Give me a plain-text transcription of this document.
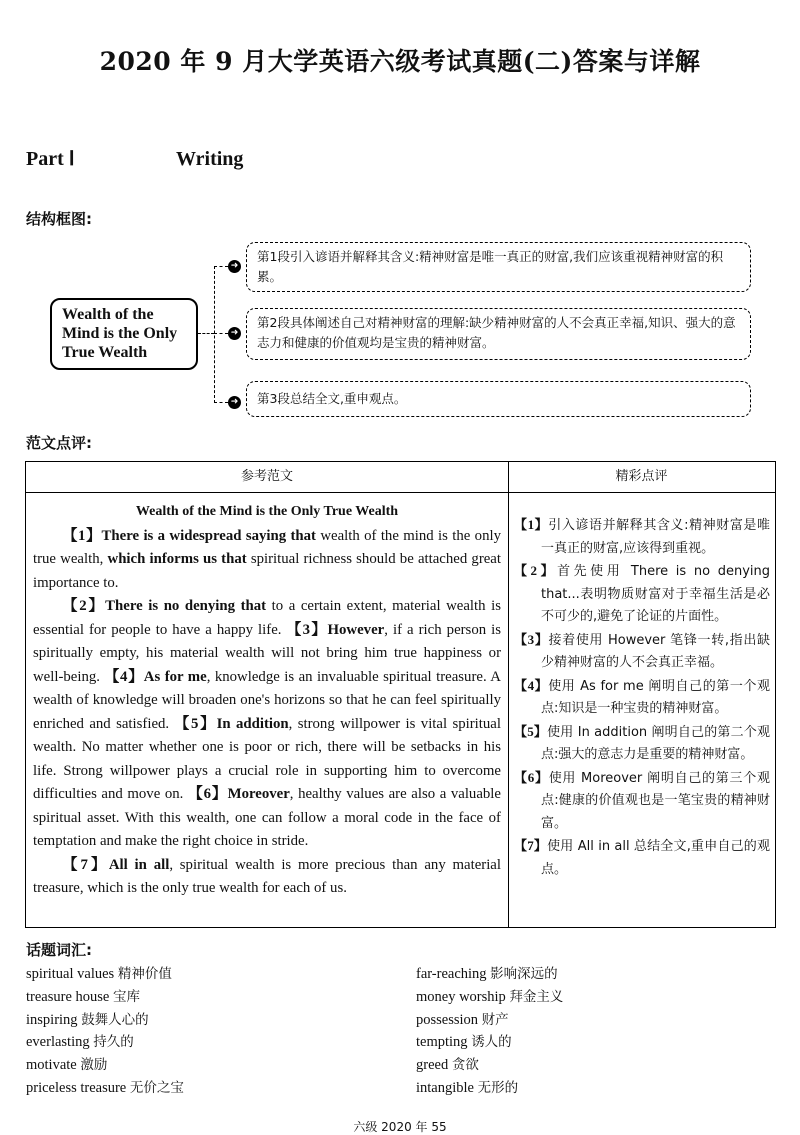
2020 年 9 月大学英语六级考试真题(二)答案与详解
Part Ⅰ	Writing
结构框图:
Wealth of the
Mind is the Only
True Wealth
➜
➜
➜
第1段引入谚语并解释其含义:精神财富是唯一真正的财富,我们应该重视精神财富的积累。
第2段具体阐述自己对精神财富的理解:缺少精神财富的人不会真正幸福,知识、强大的意志力和健康的价值观均是宝贵的精神财富。
第3段总结全文,重申观点。
范文点评:
参考范文	精彩点评
Wealth of the Mind is the Only True Wealth

【1】There is a widespread saying that wealth of the mind is the only true wealth, which informs us that spiritual richness should be attached great importance to.

【2】There is no denying that to a certain extent, material wealth is essential for people to have a happy life. 【3】However, if a rich person is spiritually empty, his material wealth will not bring him true happiness or well-being. 【4】As for me, knowledge is an invaluable spiritual treasure. A wealth of knowledge will broaden one's horizons so that he can feel spiritually enriched and satisfied. 【5】In addition, strong willpower is vital spiritual wealth. No matter whether one is poor or rich, there will be setbacks in his life. Strong willpower plays a crucial role in supporting him to overcome difficulties and move on. 【6】Moreover, healthy values are also a valuable spiritual asset. With this wealth, one can follow a moral code in the face of temptation and make the right choice in stride.

【7】All in all, spiritual wealth is more precious than any material treasure, which is the only true wealth for each of us.

【1】引入谚语并解释其含义:精神财富是唯一真正的财富,应该得到重视。
【2】首先使用 There is no denying that...表明物质财富对于幸福生活是必不可少的,避免了论证的片面性。
【3】接着使用 However 笔锋一转,指出缺少精神财富的人不会真正幸福。
【4】使用 As for me 阐明自己的第一个观点:知识是一种宝贵的精神财富。
【5】使用 In addition 阐明自己的第二个观点:强大的意志力是重要的精神财富。
【6】使用 Moreover 阐明自己的第三个观点:健康的价值观也是一笔宝贵的精神财富。
【7】使用 All in all 总结全文,重申自己的观点。
话题词汇:
spiritual values 精神价值
treasure house 宝库
inspiring 鼓舞人心的
everlasting 持久的
motivate 激励
priceless treasure 无价之宝
far-reaching 影响深远的
money worship 拜金主义
possession 财产
tempting 诱人的
greed 贪欲
intangible 无形的
六级 2020 年 55
